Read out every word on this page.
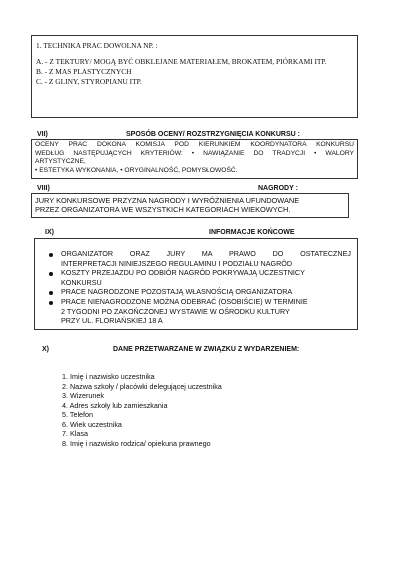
1. TECHNIKA PRAC DOWOLNA NP. :
A. - Z TEKTURY/ MOGĄ BYĆ OBKLEJANE MATERIAŁEM, BROKATEM, PIÓRKAMI ITP.
B. - Z MAS PLASTYCZNYCH
C. - Z GLINY, STYROPIANU ITP.
VII)	SPOSÓB OCENY/ ROZSTRZYGNIĘCIA KONKURSU :
OCENY PRAC DOKONA KOMISJA POD KIERUNKIEM KOORDYNATORA KONKURSU
WEDŁUG NASTĘPUJĄCYCH KRYTERIÓW: • NAWIĄZANIE DO TRADYCJI • WALORY
ARTYSTYCZNE,
• ESTETYKA WYKONANIA, • ORYGINALNOŚĆ, POMYSŁOWOŚĆ.
VIII)	NAGRODY :
JURY KONKURSOWE PRZYZNA NAGRODY I WYRÓŻNIENIA UFUNDOWANE
PRZEZ ORGANIZATORA WE WSZYSTKICH KATEGORIACH WIEKOWYCH.
IX)	INFORMACJE KOŃCOWE
ORGANIZATOR ORAZ JURY MA PRAWO DO OSTATECZNEJ
INTERPRETACJI NINIEJSZEGO REGULAMINU I PODZIAŁU NAGRÓD
KOSZTY PRZEJAZDU PO ODBIÓR NAGRÓD POKRYWAJĄ UCZESTNICY
KONKURSU
PRACE NAGRODZONE POZOSTAJĄ WŁASNOŚCIĄ ORGANIZATORA
PRACE NIENAGRODZONE MOŻNA ODEBRAĆ (OSOBIŚCIE) W TERMINIE
2 TYGODNI PO ZAKOŃCZONEJ WYSTAWIE W OŚRODKU KULTURY
PRZY UL. FLORIAŃSKIEJ 18 A
X)	DANE PRZETWARZANE W ZWIĄZKU Z WYDARZENIEM:
1. Imię i nazwisko uczestnika
2. Nazwa szkoły / placówki delegującej uczestnika
3. Wizerunek
4. Adres szkoły lub zamieszkania
5. Telefon
6. Wiek uczestnika
7. Klasa
8. Imię i nazwisko rodzica/ opiekuna prawnego
